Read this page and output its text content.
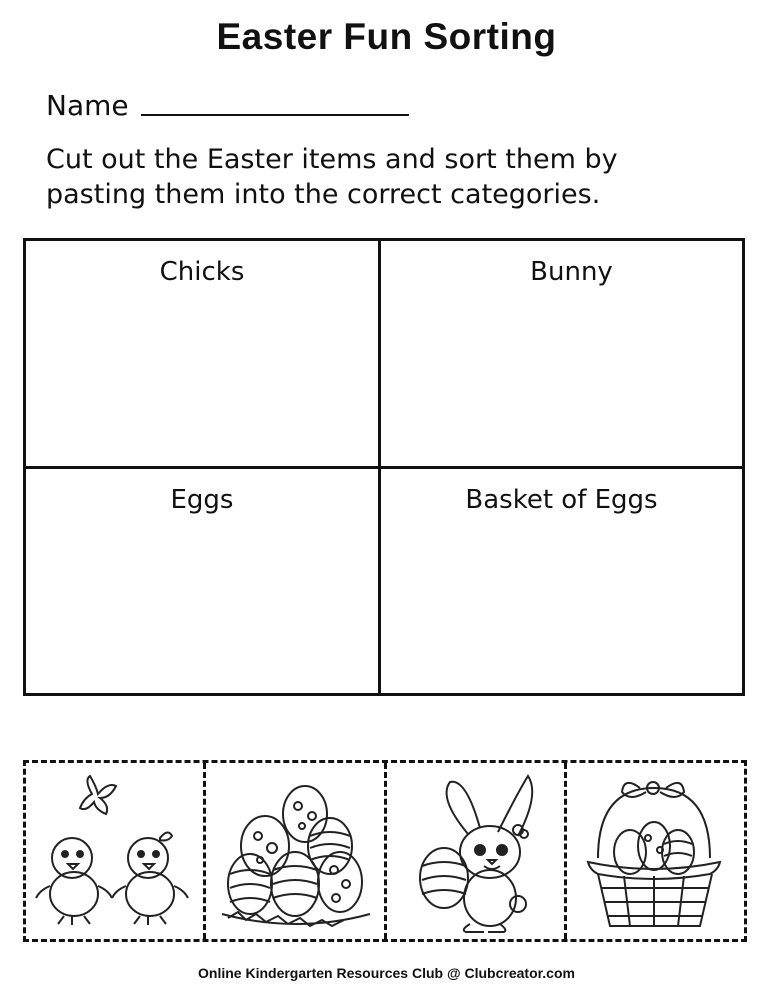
Easter Fun Sorting
Name

Cut out the Easter items and sort them by pasting them into the correct categories.

Chicks	Bunny
Eggs	Basket of Eggs
Online Kindergarten Resources Club @ Clubcreator.com
